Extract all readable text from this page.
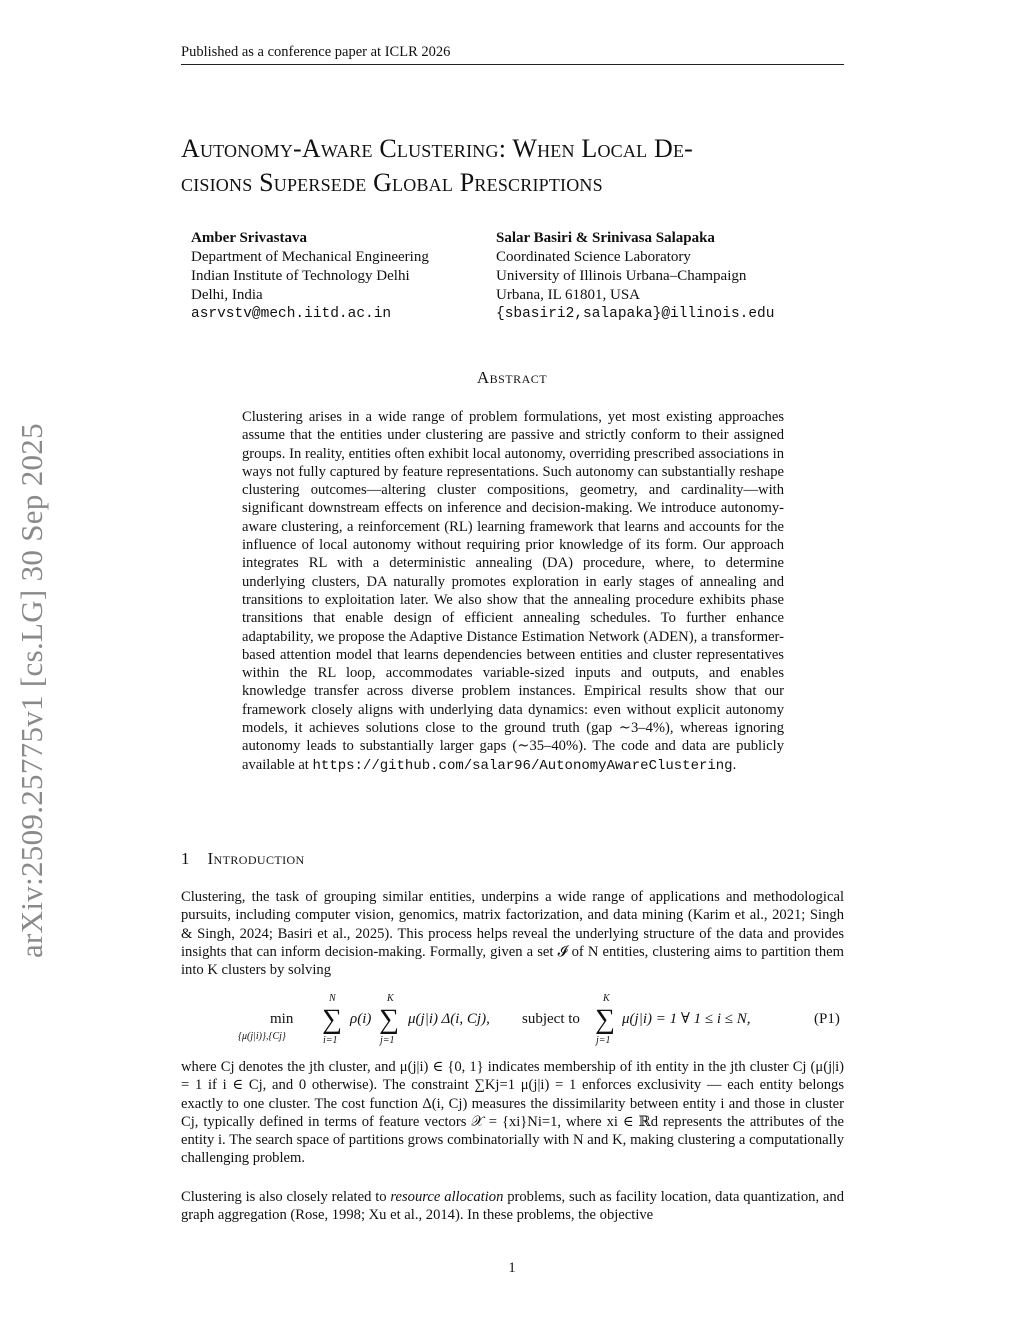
Published as a conference paper at ICLR 2026
Autonomy-Aware Clustering: When Local De-
cisions Supersede Global Prescriptions
Amber Srivastava
Department of Mechanical Engineering
Indian Institute of Technology Delhi
Delhi, India
asrvstv@mech.iitd.ac.in
Salar Basiri & Srinivasa Salapaka
Coordinated Science Laboratory
University of Illinois Urbana–Champaign
Urbana, IL 61801, USA
{sbasiri2,salapaka}@illinois.edu
arXiv:2509.25775v1 [cs.LG] 30 Sep 2025
Abstract
Clustering arises in a wide range of problem formulations, yet most existing approaches assume that the entities under clustering are passive and strictly conform to their assigned groups. In reality, entities often exhibit local autonomy, overriding prescribed associations in ways not fully captured by feature representations. Such autonomy can substantially reshape clustering outcomes—altering cluster compositions, geometry, and cardinality—with significant downstream effects on inference and decision-making. We introduce autonomy-aware clustering, a reinforcement (RL) learning framework that learns and accounts for the influence of local autonomy without requiring prior knowledge of its form. Our approach integrates RL with a deterministic annealing (DA) procedure, where, to determine underlying clusters, DA naturally promotes exploration in early stages of annealing and transitions to exploitation later. We also show that the annealing procedure exhibits phase transitions that enable design of efficient annealing schedules. To further enhance adaptability, we propose the Adaptive Distance Estimation Network (ADEN), a transformer-based attention model that learns dependencies between entities and cluster representatives within the RL loop, accommodates variable-sized inputs and outputs, and enables knowledge transfer across diverse problem instances. Empirical results show that our framework closely aligns with underlying data dynamics: even without explicit autonomy models, it achieves solutions close to the ground truth (gap ∼3–4%), whereas ignoring autonomy leads to substantially larger gaps (∼35–40%). The code and data are publicly available at https://github.com/salar96/AutonomyAwareClustering.
1 Introduction
Clustering, the task of grouping similar entities, underpins a wide range of applications and methodological pursuits, including computer vision, genomics, matrix factorization, and data mining (Karim et al., 2021; Singh & Singh, 2024; Basiri et al., 2025). This process helps reveal the underlying structure of the data and provides insights that can inform decision-making. Formally, given a set 𝓘 of N entities, clustering aims to partition them into K clusters by solving
min
{μ(j|i)},{Cj}
N
∑
i=1
ρ(i)
K
∑
j=1
μ(j|i) Δ(i, Cj), subject to
K
∑
j=1
μ(j|i) = 1 ∀ 1 ≤ i ≤ N,	(P1)
where Cj denotes the jth cluster, and μ(j|i) ∈ {0, 1} indicates membership of ith entity in the jth cluster Cj (μ(j|i) = 1 if i ∈ Cj, and 0 otherwise). The constraint ∑Kj=1 μ(j|i) = 1 enforces exclusivity — each entity belongs exactly to one cluster. The cost function Δ(i, Cj) measures the dissimilarity between entity i and those in cluster Cj, typically defined in terms of feature vectors 𝒳 = {xi}Ni=1, where xi ∈ ℝd represents the attributes of the entity i. The search space of partitions grows combinatorially with N and K, making clustering a computationally challenging problem.
Clustering is also closely related to resource allocation problems, such as facility location, data quantization, and graph aggregation (Rose, 1998; Xu et al., 2014). In these problems, the objective
1
